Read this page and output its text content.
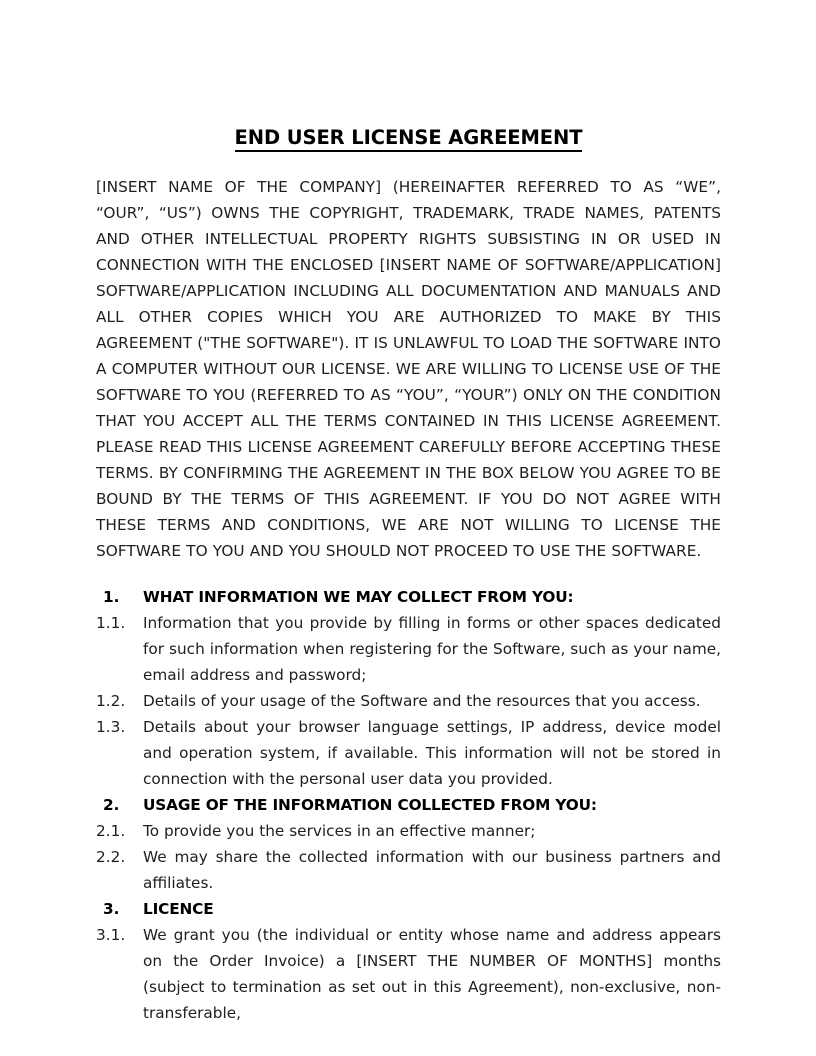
END USER LICENSE AGREEMENT

[INSERT NAME OF THE COMPANY] (HEREINAFTER REFERRED TO AS “WE”, “OUR”, “US”) OWNS THE COPYRIGHT, TRADEMARK, TRADE NAMES, PATENTS AND OTHER INTELLECTUAL PROPERTY RIGHTS SUBSISTING IN OR USED IN CONNECTION WITH THE ENCLOSED [INSERT NAME OF SOFTWARE/APPLICATION] SOFTWARE/APPLICATION INCLUDING ALL DOCUMENTATION AND MANUALS AND ALL OTHER COPIES WHICH YOU ARE AUTHORIZED TO MAKE BY THIS AGREEMENT ("THE SOFTWARE"). IT IS UNLAWFUL TO LOAD THE SOFTWARE INTO A COMPUTER WITHOUT OUR LICENSE. WE ARE WILLING TO LICENSE USE OF THE SOFTWARE TO YOU (REFERRED TO AS “YOU”, “YOUR”) ONLY ON THE CONDITION THAT YOU ACCEPT ALL THE TERMS CONTAINED IN THIS LICENSE AGREEMENT. PLEASE READ THIS LICENSE AGREEMENT CAREFULLY BEFORE ACCEPTING THESE TERMS. BY CONFIRMING THE AGREEMENT IN THE BOX BELOW YOU AGREE TO BE BOUND BY THE TERMS OF THIS AGREEMENT. IF YOU DO NOT AGREE WITH THESE TERMS AND CONDITIONS, WE ARE NOT WILLING TO LICENSE THE SOFTWARE TO YOU AND YOU SHOULD NOT PROCEED TO USE THE SOFTWARE.

1.	WHAT INFORMATION WE MAY COLLECT FROM YOU:
1.1.	Information that you provide by filling in forms or other spaces dedicated for such information when registering for the Software, such as your name, email address and password;
1.2.	Details of your usage of the Software and the resources that you access.
1.3.	Details about your browser language settings, IP address, device model and operation system, if available. This information will not be stored in connection with the personal user data you provided.
2.	USAGE OF THE INFORMATION COLLECTED FROM YOU:
2.1.	To provide you the services in an effective manner;
2.2.	We may share the collected information with our business partners and affiliates.
3.	LICENCE
3.1.	We grant you (the individual or entity whose name and address appears on the Order Invoice) a [INSERT THE NUMBER OF MONTHS] months (subject to termination as set out in this Agreement), non-exclusive, non-transferable,
